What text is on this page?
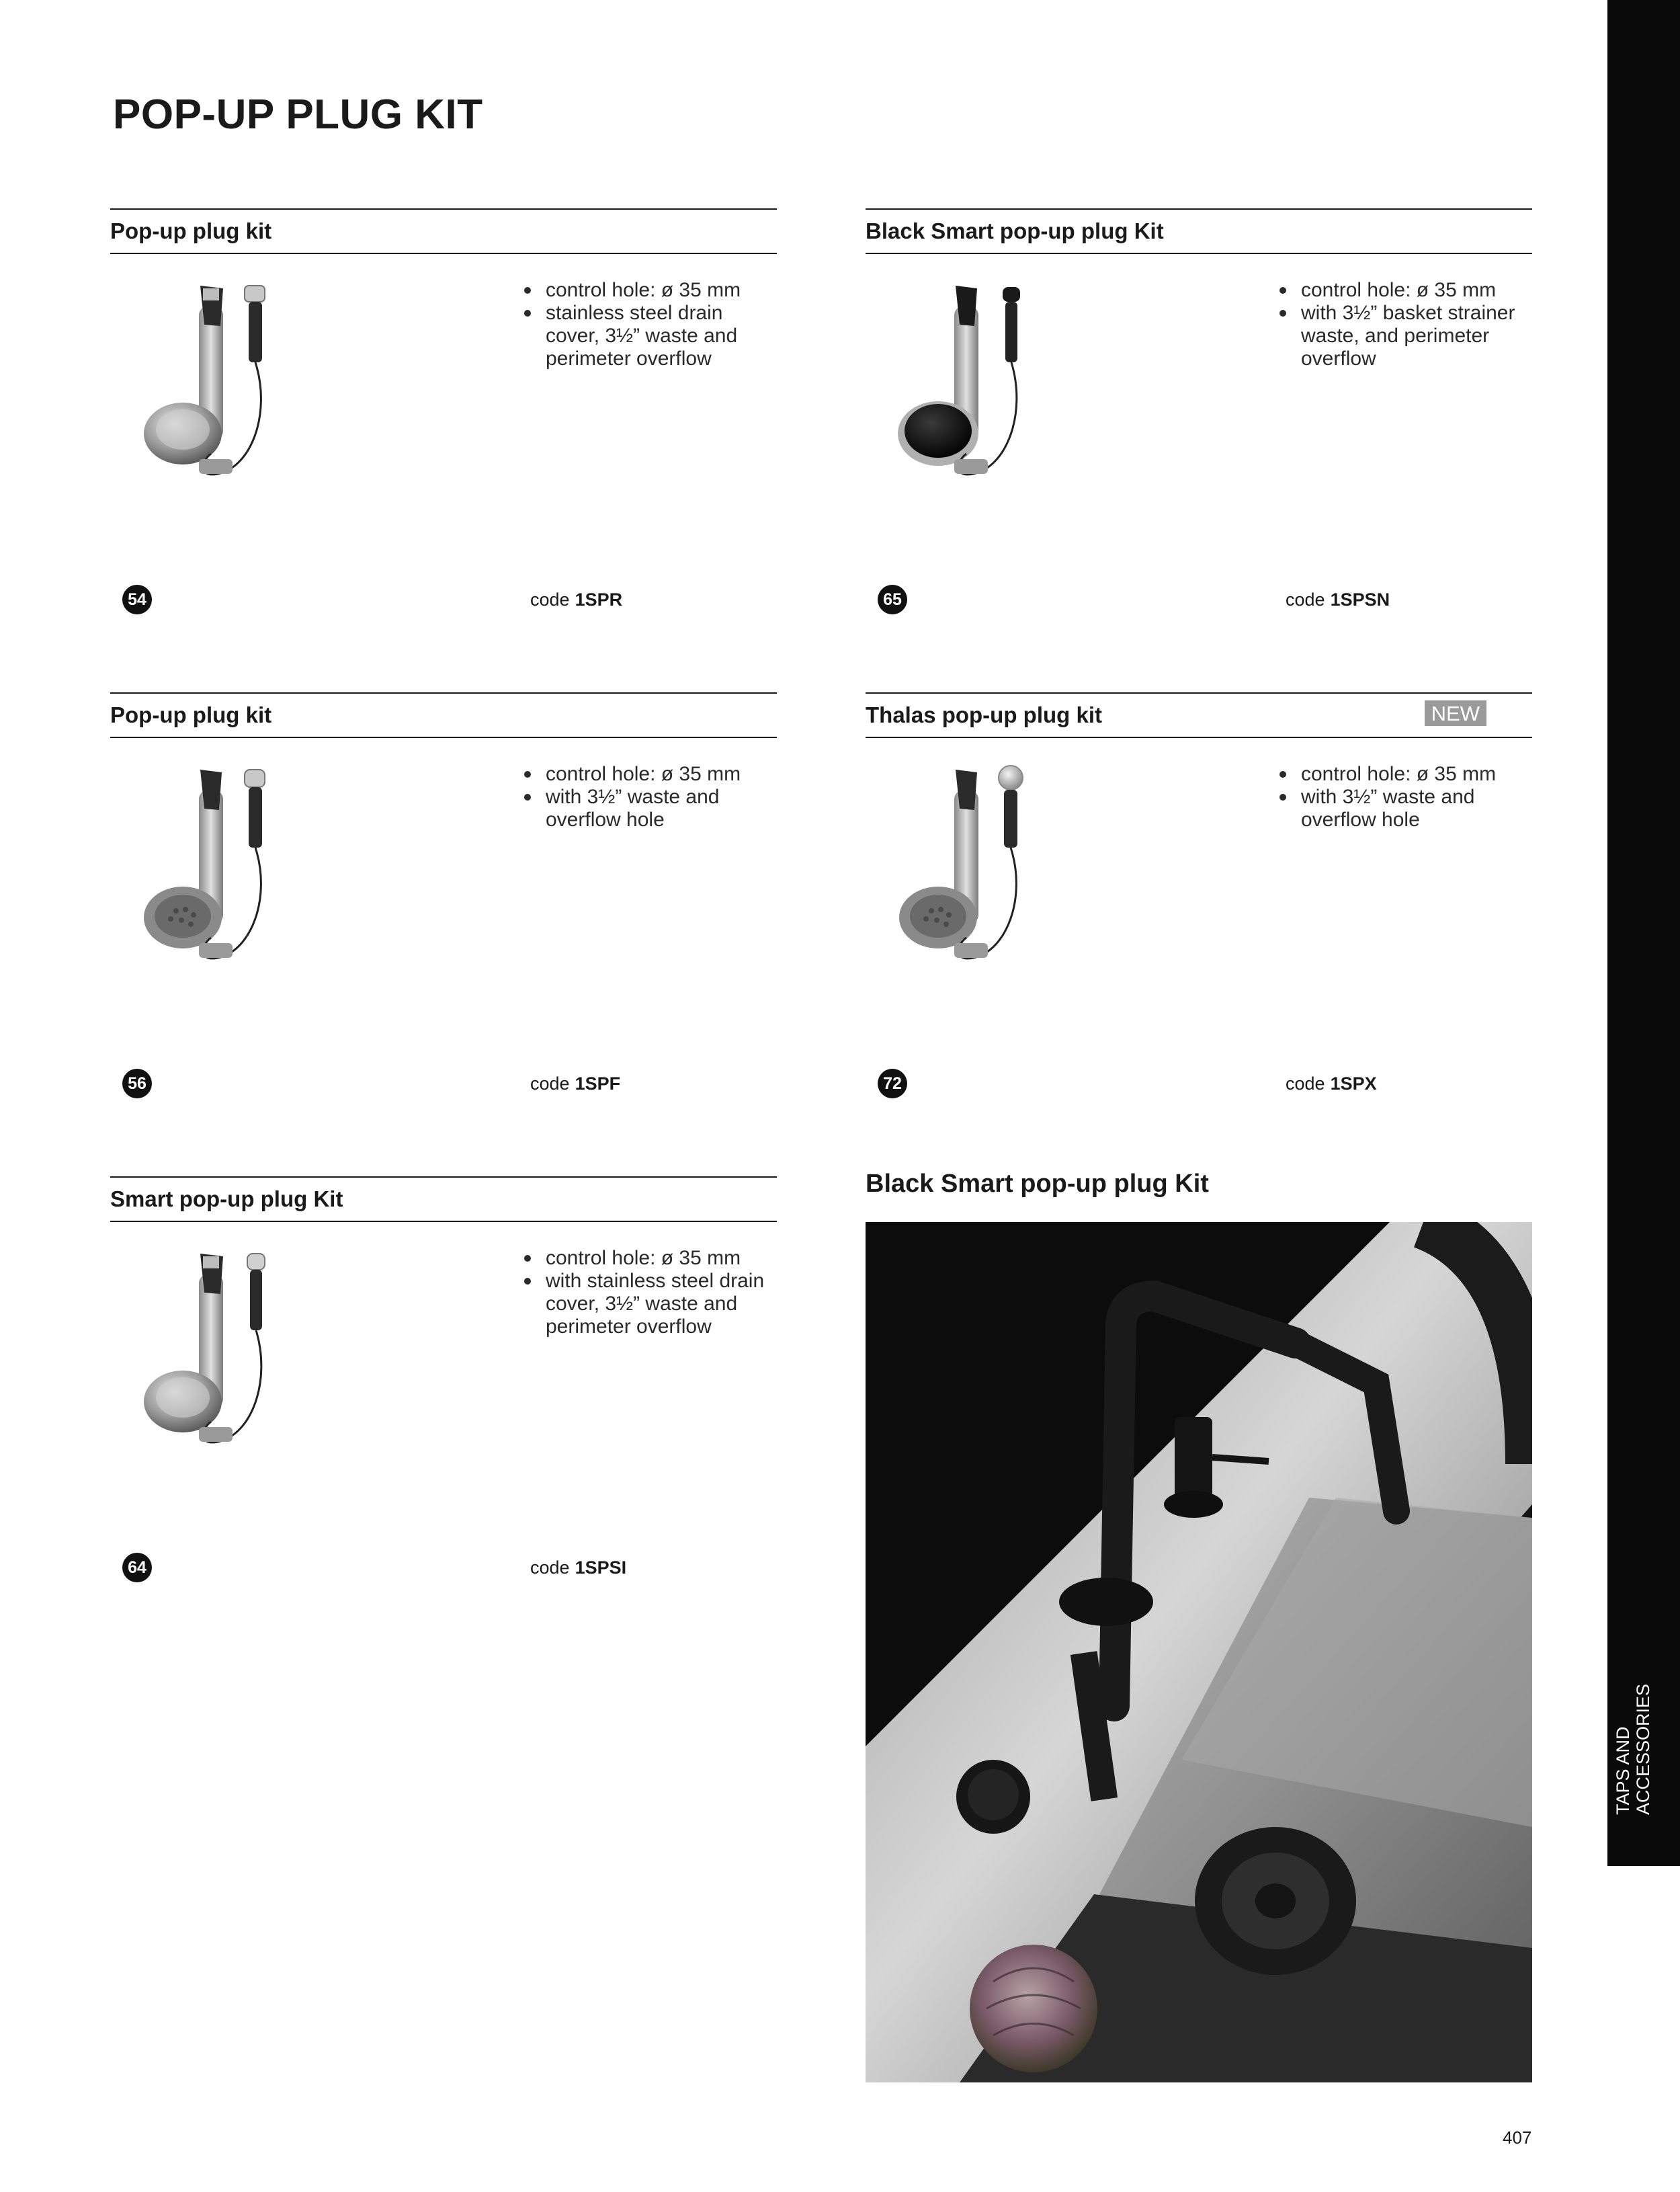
POP-UP PLUG KIT
Pop-up plug kit
control hole: ø 35 mm
stainless steel drain cover, 3½” waste and perimeter overflow
54	code 1SPR
Black Smart pop-up plug Kit
control hole: ø 35 mm
with 3½” basket strainer waste, and perimeter overflow
65	code 1SPSN
Pop-up plug kit
control hole: ø 35 mm
with 3½” waste and overflow hole
56	code 1SPF
Thalas pop-up plug kit	NEW
control hole: ø 35 mm
with 3½” waste and overflow hole
72	code 1SPX
Smart pop-up plug Kit
control hole: ø 35 mm
with stainless steel drain cover, 3½” waste and perimeter overflow
64	code 1SPSI
Black Smart pop-up plug Kit
TAPS AND ACCESSORIES
407
